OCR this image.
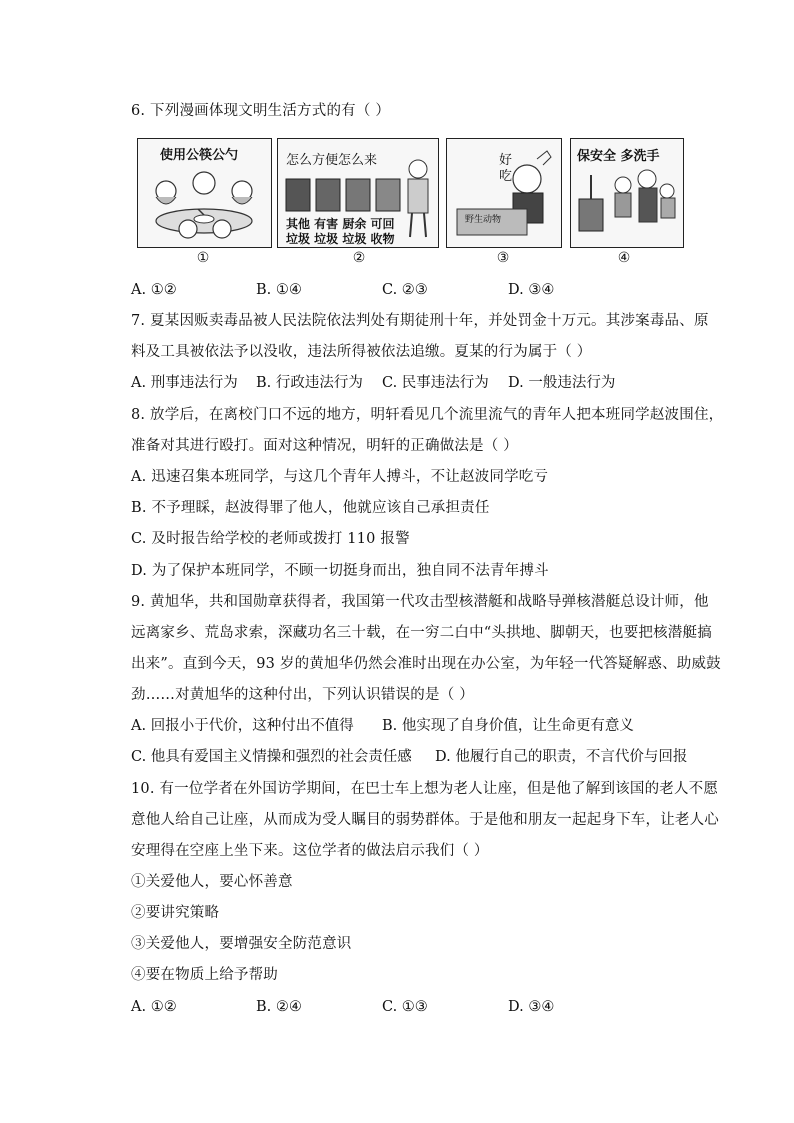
6. 下列漫画体现文明生活方式的有（ ）
使用公筷公勺	怎么方便怎么来
其他 有害 厨余 可回
垃圾 垃圾 垃圾 收物
好
吃
野生动物
保安全 多洗手
①	②	③	④
A. ①②	B. ①④	C. ②③	D. ③④
7. 夏某因贩卖毒品被人民法院依法判处有期徒刑十年，并处罚金十万元。其涉案毒品、原
料及工具被依法予以没收，违法所得被依法追缴。夏某的行为属于（ ）
A. 刑事违法行为 B. 行政违法行为 C. 民事违法行为 D. 一般违法行为
8. 放学后，在离校门口不远的地方，明轩看见几个流里流气的青年人把本班同学赵波围住，
准备对其进行殴打。面对这种情况，明轩的正确做法是（ ）
A. 迅速召集本班同学，与这几个青年人搏斗，不让赵波同学吃亏
B. 不予理睬，赵波得罪了他人，他就应该自己承担责任
C. 及时报告给学校的老师或拨打 110 报警
D. 为了保护本班同学，不顾一切挺身而出，独自同不法青年搏斗
9. 黄旭华，共和国勋章获得者，我国第一代攻击型核潜艇和战略导弹核潜艇总设计师，他
远离家乡、荒岛求索，深藏功名三十载，在一穷二白中“头拱地、脚朝天，也要把核潜艇搞
出来”。直到今天，93 岁的黄旭华仍然会准时出现在办公室，为年轻一代答疑解惑、助威鼓
劲……对黄旭华的这种付出，下列认识错误的是（ ）
A. 回报小于代价，这种付出不值得 B. 他实现了自身价值，让生命更有意义
C. 他具有爱国主义情操和强烈的社会责任感 D. 他履行自己的职责，不言代价与回报
10. 有一位学者在外国访学期间，在巴士车上想为老人让座，但是他了解到该国的老人不愿
意他人给自己让座，从而成为受人瞩目的弱势群体。于是他和朋友一起起身下车，让老人心
安理得在空座上坐下来。这位学者的做法启示我们（ ）
①关爱他人，要心怀善意
②要讲究策略
③关爱他人，要增强安全防范意识
④要在物质上给予帮助
A. ①②	B. ②④	C. ①③	D. ③④
